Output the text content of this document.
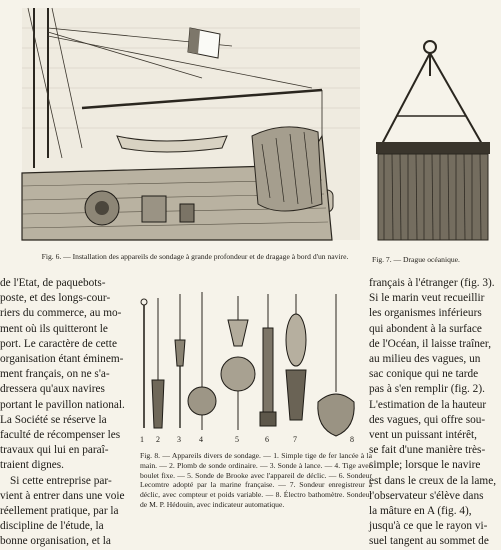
1 2 3 4	5	6	7	8
Fig. 6. — Installation des appareils de sondage à grande profondeur et de dragage à bord d'un navire.	Fig. 7. — Drague océanique.
Fig. 8. — Appareils divers de sondage. — 1. Simple tige de fer lancée à la main. — 2. Plomb de sonde ordinaire. — 3. Sonde à lance. — 4. Tige avec boulet fixe. — 5. Sonde de Brooke avec l'appareil de déclic. — 6. Sondeur Lecomtre adopté par la marine française. — 7. Sondeur enregistreur à déclic, avec compteur et poids variable. — 8. Électro bathomètre. Sondeur de M. P. Hédouin, avec indicateur automatique.
de l'Etat, de paquebots-
poste, et des longs-cour-
riers du commerce, au mo-
ment où ils quitteront le
port. Le caractère de cette
organisation étant éminem-
ment français, on ne s'a-
dressera qu'aux navires
portant le pavillon national.
La Société se réserve la
faculté de récompenser les
travaux qui lui en paraî-
traient dignes.
Si cette entreprise par-
vient à entrer dans une voie
réellement pratique, par la
discipline de l'étude, la
bonne organisation, et la
français à l'étranger (fig. 3).
Si le marin veut recueillir
les organismes inférieurs
qui abondent à la surface
de l'Océan, il laisse traîner,
au milieu des vagues, un
sac conique qui ne tarde
pas à s'en remplir (fig. 2).
L'estimation de la hauteur
des vagues, qui offre sou-
vent un puissant intérêt,
se fait d'une manière très-
simple; lorsque le navire
est dans le creux de la lame,
l'observateur s'élève dans
la mâture en A (fig. 4),
jusqu'à ce que le rayon vi-
suel tangent au sommet de
